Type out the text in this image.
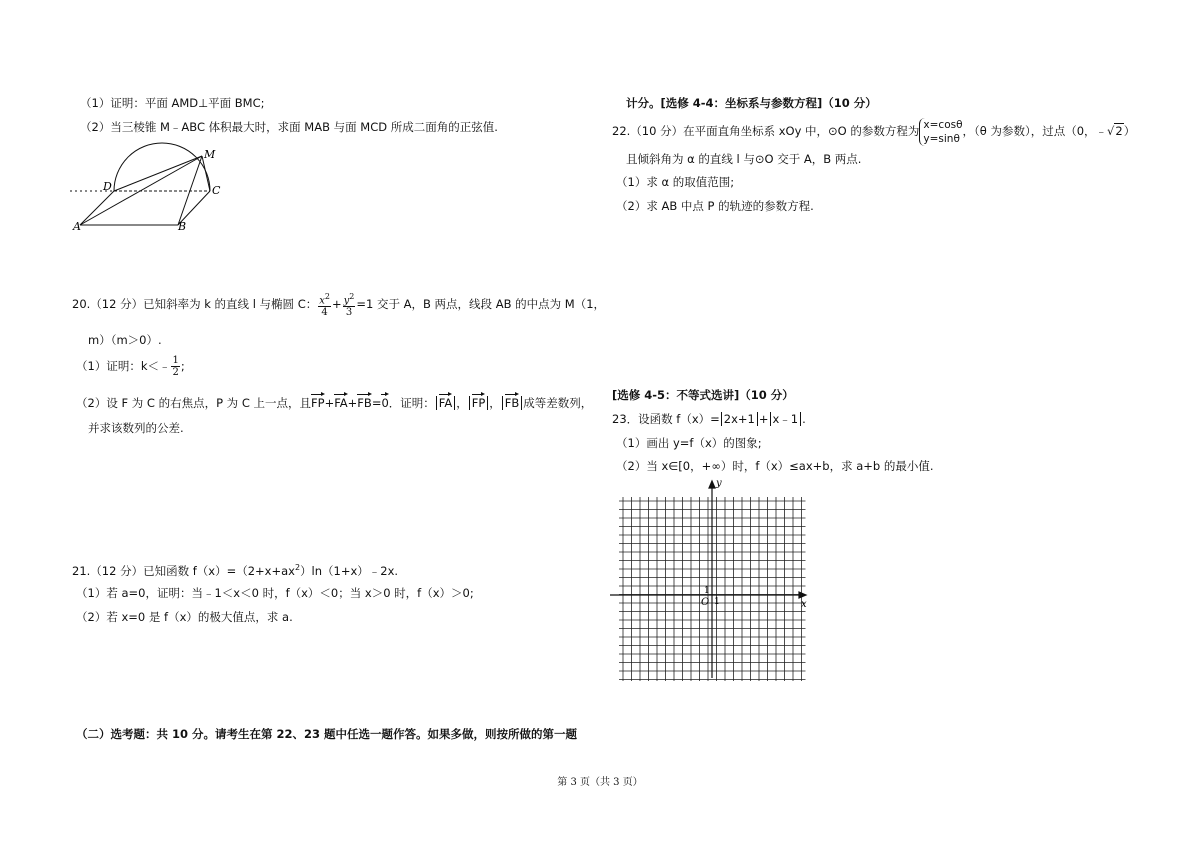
（1）证明：平面 AMD⊥平面 BMC;
（2）当三棱锥 M﹣ABC 体积最大时，求面 MAB 与面 MCD 所成二面角的正弦值.
M
D	C
A	B
20.（12 分）已知斜率为 k 的直线 l 与椭圆 C： $\frac{x^2}{4} + \frac{y^2}{3} =1$ 交于 A，B 两点，线段 AB 的中点为 M（1，
m）（m＞0）.
（1）证明：k＜﹣ $\frac{1}{2}$ ;
（2）设 F 为 C 的右焦点，P 为 C 上一点，且FP+FA+FB=0．证明： FA ， FP ， FB 成等差数列，
并求该数列的公差.
21.（12 分）已知函数 $f(x)=(2+x+ax^2)\ln(1+x)﹣2x$.
（1）若 a=0，证明：当﹣1＜x＜0 时，f（x）＜0；当 x＞0 时，f（x）＞0;
（2）若 x=0 是 f（x）的极大值点，求 a.
（二）选考题：共 10 分。请考生在第 22、23 题中任选一题作答。如果多做，则按所做的第一题
计分。[选修 4-4：坐标系与参数方程]（10 分）
22.（10 分）在平面直角坐标系 xOy 中，⊙O 的参数方程为 x=cosθ
y=sinθ
，（θ 为参数），过点（0，﹣√2）
且倾斜角为 α 的直线 l 与⊙O 交于 A，B 两点.
（1）求 α 的取值范围;
（2）求 AB 中点 P 的轨迹的参数方程.
[选修 4-5：不等式选讲]（10 分）
23．设函数 f（x）= 2x+1 + x﹣1 .
（1）画出 y=f（x）的图象;
（2）当 x∈[0，+∞）时，f（x）≤ax+b，求 a+b 的最小值.
y
x
O 1
1
第 3 页（共 3 页）
